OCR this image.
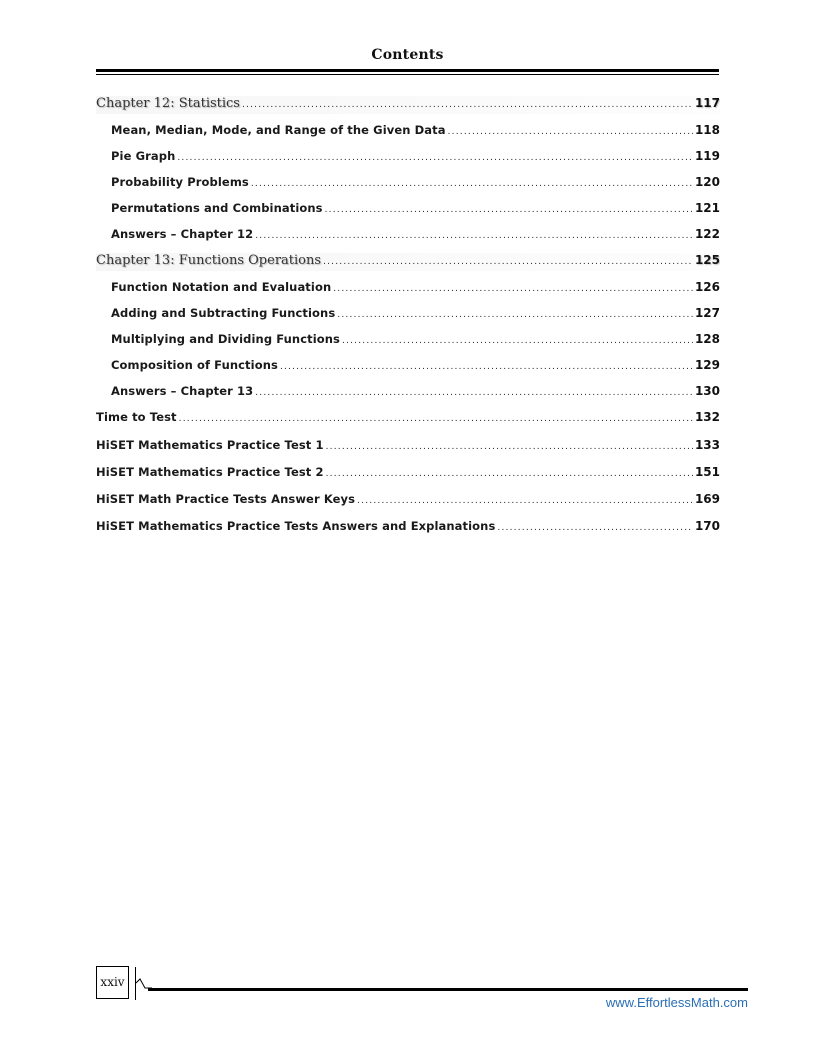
Contents
Chapter 12: Statistics .....	117
Mean, Median, Mode, and Range of the Given Data .....	118
Pie Graph .....	119
Probability Problems .....	120
Permutations and Combinations .....	121
Answers – Chapter 12 .....	122
Chapter 13: Functions Operations .....	125
Function Notation and Evaluation .....	126
Adding and Subtracting Functions .....	127
Multiplying and Dividing Functions .....	128
Composition of Functions .....	129
Answers – Chapter 13 .....	130
Time to Test .....	132
HiSET Mathematics Practice Test 1 .....	133
HiSET Mathematics Practice Test 2 .....	151
HiSET Math Practice Tests Answer Keys .....	169
HiSET Mathematics Practice Tests Answers and Explanations .....	170
xxiv
www.EffortlessMath.com
